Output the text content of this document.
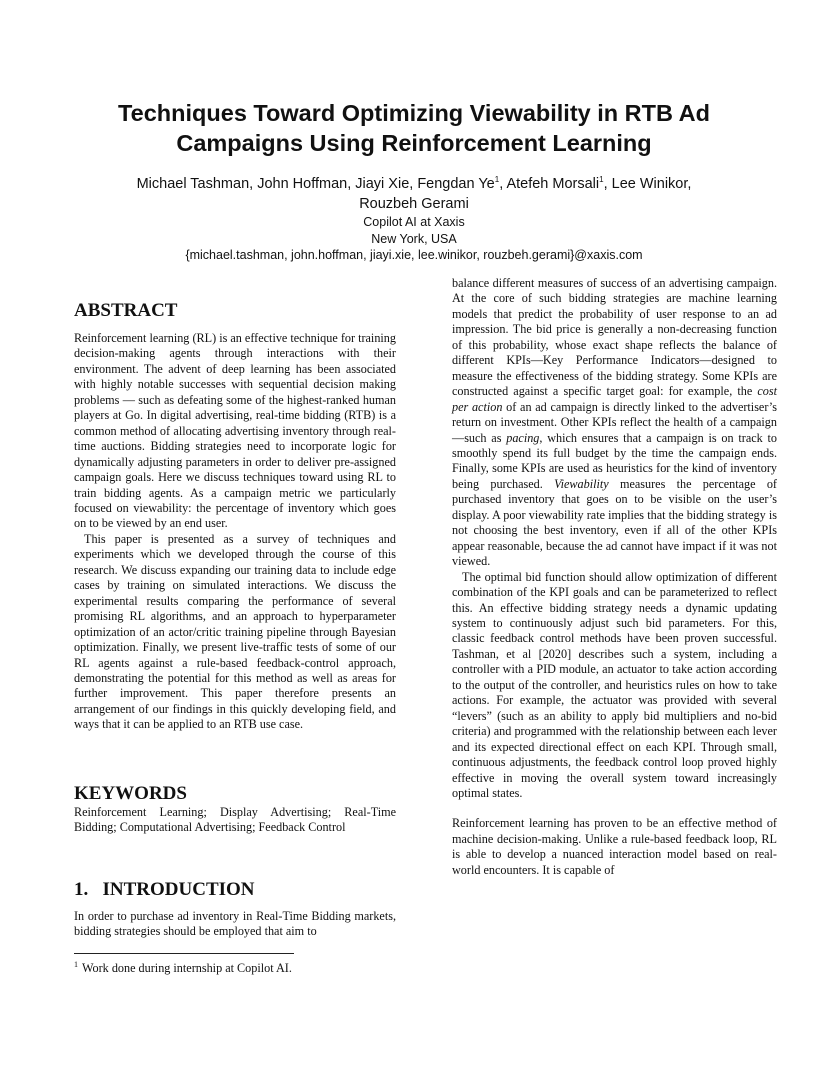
Techniques Toward Optimizing Viewability in RTB Ad
Campaigns Using Reinforcement Learning
Michael Tashman, John Hoffman, Jiayi Xie, Fengdan Ye$^1$, Atefeh Morsali$^1$, Lee Winikor,
Rouzbeh Gerami
Copilot AI at Xaxis
New York, USA
{michael.tashman, john.hoffman, jiayi.xie, lee.winikor, rouzbeh.gerami}@xaxis.com
ABSTRACT

Reinforcement learning (RL) is an effective technique for training decision-making agents through interactions with their environment. The advent of deep learning has been associated with highly notable successes with sequential decision making problems — such as defeating some of the highest-ranked human players at Go. In digital advertising, real-time bidding (RTB) is a common method of allocating advertising inventory through real-time auctions. Bidding strategies need to incorporate logic for dynamically adjusting parameters in order to deliver pre-assigned campaign goals. Here we discuss techniques toward using RL to train bidding agents. As a campaign metric we particularly focused on viewability: the percentage of inventory which goes on to be viewed by an end user.

This paper is presented as a survey of techniques and experiments which we developed through the course of this research. We discuss expanding our training data to include edge cases by training on simulated interactions. We discuss the experimental results comparing the performance of several promising RL algorithms, and an approach to hyperparameter optimization of an actor/critic training pipeline through Bayesian optimization. Finally, we present live-traffic tests of some of our RL agents against a rule-based feedback-control approach, demonstrating the potential for this method as well as areas for further improvement. This paper therefore presents an arrangement of our findings in this quickly developing field, and ways that it can be applied to an RTB use case.

KEYWORDS

Reinforcement Learning; Display Advertising; Real-Time Bidding; Computational Advertising; Feedback Control

1.   INTRODUCTION

In order to purchase ad inventory in Real-Time Bidding markets, bidding strategies should be employed that aim to

$^1$ Work done during internship at Copilot AI.

balance different measures of success of an advertising campaign. At the core of such bidding strategies are machine learning models that predict the probability of user response to an ad impression. The bid price is generally a non-decreasing function of this probability, whose exact shape reflects the balance of different KPIs—Key Performance Indicators—designed to measure the effectiveness of the bidding strategy. Some KPIs are constructed against a specific target goal: for example, the cost per action of an ad campaign is directly linked to the advertiser’s return on investment. Other KPIs reflect the health of a campaign—such as pacing, which ensures that a campaign is on track to smoothly spend its full budget by the time the campaign ends. Finally, some KPIs are used as heuristics for the kind of inventory being purchased. Viewability measures the percentage of purchased inventory that goes on to be visible on the user’s display. A poor viewability rate implies that the bidding strategy is not choosing the best inventory, even if all of the other KPIs appear reasonable, because the ad cannot have impact if it was not viewed.

The optimal bid function should allow optimization of different combination of the KPI goals and can be parameterized to reflect this. An effective bidding strategy needs a dynamic updating system to continuously adjust such bid parameters. For this, classic feedback control methods have been proven successful. Tashman, et al [2020] describes such a system, including a controller with a PID module, an actuator to take action according to the output of the controller, and heuristics rules on how to take actions. For example, the actuator was provided with several “levers” (such as an ability to apply bid multipliers and no-bid criteria) and programmed with the relationship between each lever and its expected directional effect on each KPI. Through small, continuous adjustments, the feedback control loop proved highly effective in moving the overall system toward increasingly optimal states.

Reinforcement learning has proven to be an effective method of machine decision-making. Unlike a rule-based feedback loop, RL is able to develop a nuanced interaction model based on real-world encounters. It is capable of
